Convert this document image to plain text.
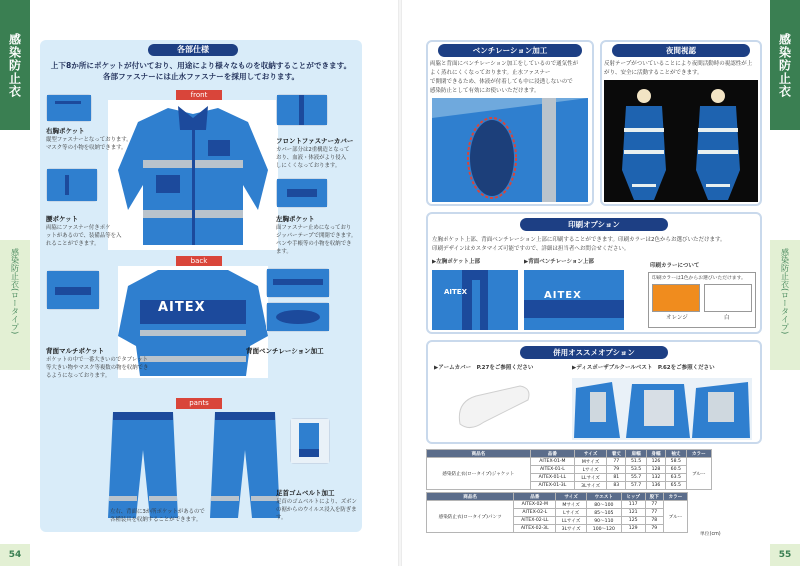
感染防止衣
感染防止衣(ロータイプ)
54
各部仕様
上下8か所にポケットが付いており、用途により様々なものを収納することができます。
各部ファスナーには止水ファスナーを採用しております。
front
右胸ポケット
縦型ファスナーとなっております。
マスク等の小物を収納できます。
腰ポケット
両脇にファスナー付きポケ
ットがあるので、装備品等を入
れることができます。
フロントファスナーカバー
カバー部分は2重構造となって
おり、血液・体液がより侵入
しにくくなっております。
左胸ポケット
面ファスナー止めになっており
ジッパーテープで開閉できます。
ペンや手帳等の小物を収納でき
ます。
back
AITEX
背面マルチポケット
ポケットの中で一番大きいのでタブレット
等大きい物やマスク等複数の物を収納でき
るようになっております。
背面ベンチレーション加工
pants
足首ゴムベルト加工
足首のゴムベルトにより、ズボン
の裾からのウイルス浸入を防ぎます。
左右、背面に3か所ポケットがあるので
各種装具を収納することができます。
感染防止衣
感染防止衣(ロータイプ)
55
ベンチレーション加工
両脇と背面にベンチレーション加工をしているので通気性が
よく蒸れにくくなっております。止水ファスナー
で開閉できるため、体液が付着しても中に浸透しないので
感染防止として有効にお使いいただけます。
夜間視認
反射テープがついていることにより夜間活動時の視認性が上
がり、安全に活動することができます。
印刷オプション
左胸ポケット上部、背面ベンチレーション上部に印刷することができます。印刷カラーは2色からお選びいただけます。
印刷デザインはカスタマイズ可能ですので、詳細は担当者へお問合せください。
▶左胸ポケット上部	▶背面ベンチレーション上部
AITEX	AITEX
印刷カラーについて
印刷カラーは1色からお選びいただけます。
オレンジ	白
併用オススメオプション
▶アームカバー　P.27をご参照ください	▶ディスポーザブルクールベスト　P.62をご参照ください
商品名	品番	サイズ	着丈	肩幅	身幅	袖丈	カラー
感染防止衣(ロータイプ)ジャケット	AITEX-01-M	Mサイズ	77	51.5	126	58.5	ブルー
	AITEX-01-L	Lサイズ	79	53.5	128	60.5	
	AITEX-01-LL	LLサイズ	81	55.7	132	63.5	
	AITEX-01-3L	3Lサイズ	83	57.7	136	65.5	
商品名	品番	サイズ	ウエスト	ヒップ	股下	カラー
感染防止衣(ロータイプ)パンツ	AITEX-02-M	Mサイズ	80〜100	117	77	ブルー
	AITEX-02-L	Lサイズ	85〜105	121	77	
	AITEX-02-LL	LLサイズ	90〜110	125	78	
	AITEX-02-3L	3Lサイズ	100〜120	129	79	
単位(cm)
